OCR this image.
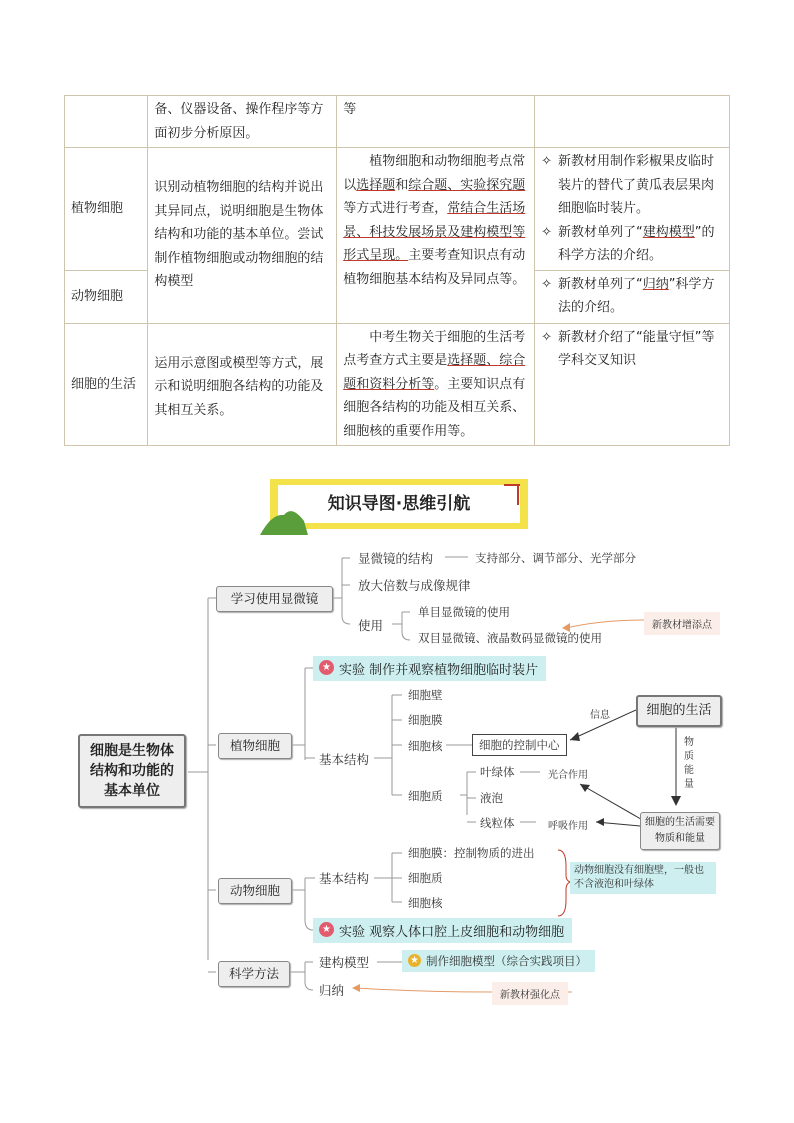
	备、仪器设备、操作程序等方面初步分析原因。	等	
植物细胞	识别动植物细胞的结构并说出其异同点，说明细胞是生物体结构和功能的基本单位。尝试制作植物细胞或动物细胞的结构模型	植物细胞和动物细胞考点常以选择题和综合题、实验探究题等方式进行考查，常结合生活场景、科技发展场景及建构模型等形式呈现。主要考查知识点有动植物细胞基本结构及异同点等。	✧ 新教材用制作彩椒果皮临时装片的替代了黄瓜表层果肉细胞临时装片。
✧ 新教材单列了“建构模型”的科学方法的介绍。

动物细胞			✧ 新教材单列了“归纳”科学方法的介绍。

细胞的生活	运用示意图或模型等方式，展示和说明细胞各结构的功能及其相互关系。	中考生物关于细胞的生活考点考查方式主要是选择题、综合题和资料分析等。主要知识点有细胞各结构的功能及相互关系、细胞核的重要作用等。	✧ 新教材介绍了“能量守恒”等学科交叉知识
知识导图·思维引航
细胞是生物体结构和功能的基本单位
学习使用显微镜
显微镜的结构	支持部分、调节部分、光学部分
放大倍数与成像规律
使用
单目显微镜的使用
双目显微镜、液晶数码显微镜的使用
新教材增添点
植物细胞
★ 实验 制作并观察植物细胞临时装片
基本结构
细胞壁
细胞膜
细胞核	细胞的控制中心
细胞质
叶绿体	光合作用
液泡
线粒体	呼吸作用
信息	细胞的生活
物质能量
细胞的生活需要物质和能量
动物细胞
基本结构
细胞膜：控制物质的进出
细胞质
细胞核
动物细胞没有细胞壁，一般也不含液泡和叶绿体
★ 实验 观察人体口腔上皮细胞和动物细胞
科学方法
建构模型	★ 制作细胞模型（综合实践项目）
归纳	新教材强化点
